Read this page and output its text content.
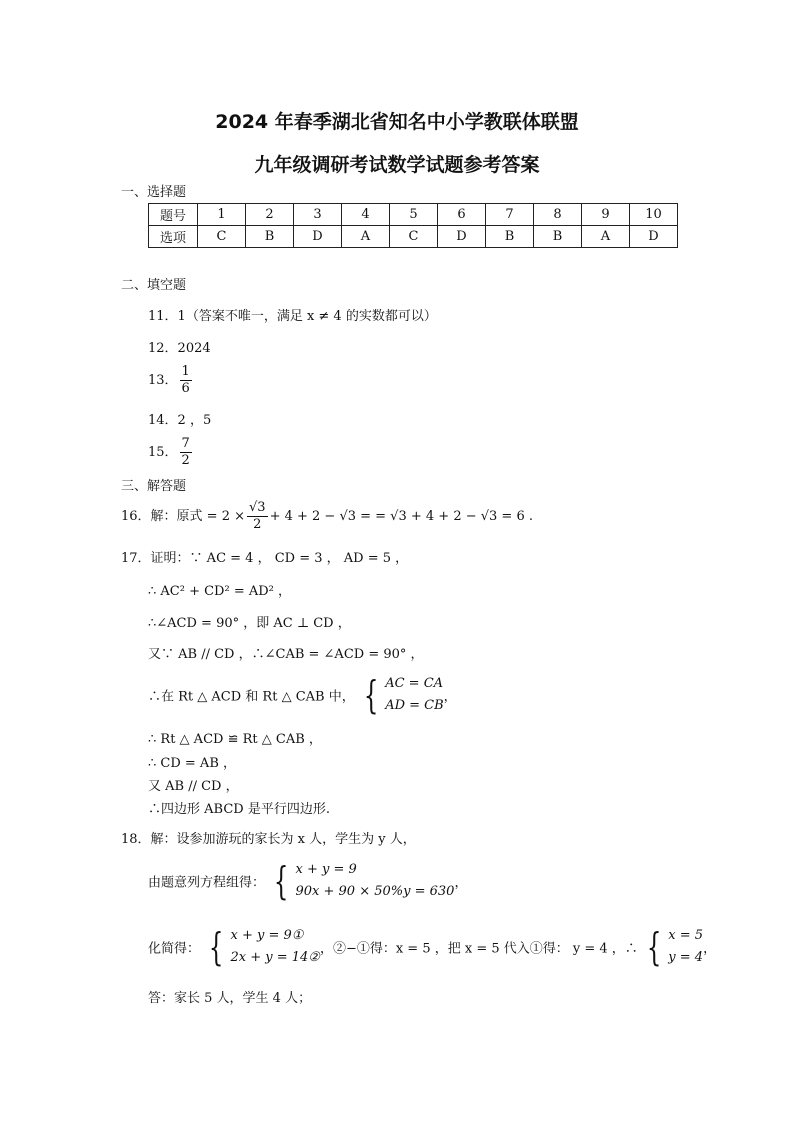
2024 年春季湖北省知名中小学教联体联盟
九年级调研考试数学试题参考答案
一、选择题
题号	1	2	3	4	5	6	7	8	9	10
选项	C	B	D	A	C	D	B	B	A	D
二、填空题
11．1（答案不唯一，满足 x ≠ 4 的实数都可以）
12．2024
13． $\frac{1}{6}$
14．2 ，5
15． $\frac{7}{2}$
三、解答题
16．解：原式 = $2 \times \frac{√3}{2} + 4 + 2 - √3$ = = √3 + 4 + 2 − √3 = 6 .
17．证明：∵ AC = 4 ， CD = 3 ， AD = 5 ，
∴ AC² + CD² = AD² ，
∴∠ACD = 90° ，即 AC ⊥ CD ，
又∵ AB // CD ，∴∠CAB = ∠ACD = 90° ，
∴在 Rt △ ACD 和 Rt △ CAB 中， { AC = CA
AD = CB
，
∴ Rt △ ACD ≌ Rt △ CAB ，
∴ CD = AB ，
又 AB // CD ，
∴四边形 ABCD 是平行四边形.
18．解：设参加游玩的家长为 x 人，学生为 y 人，
由题意列方程组得： { x + y = 9
90x + 90 × 50%y = 630
，
化简得： { x + y = 9①
2x + y = 14②
，②−①得：x = 5 ，把 x = 5 代入①得： y = 4 ，∴ { x = 5
y = 4
，
答：家长 5 人，学生 4 人；
